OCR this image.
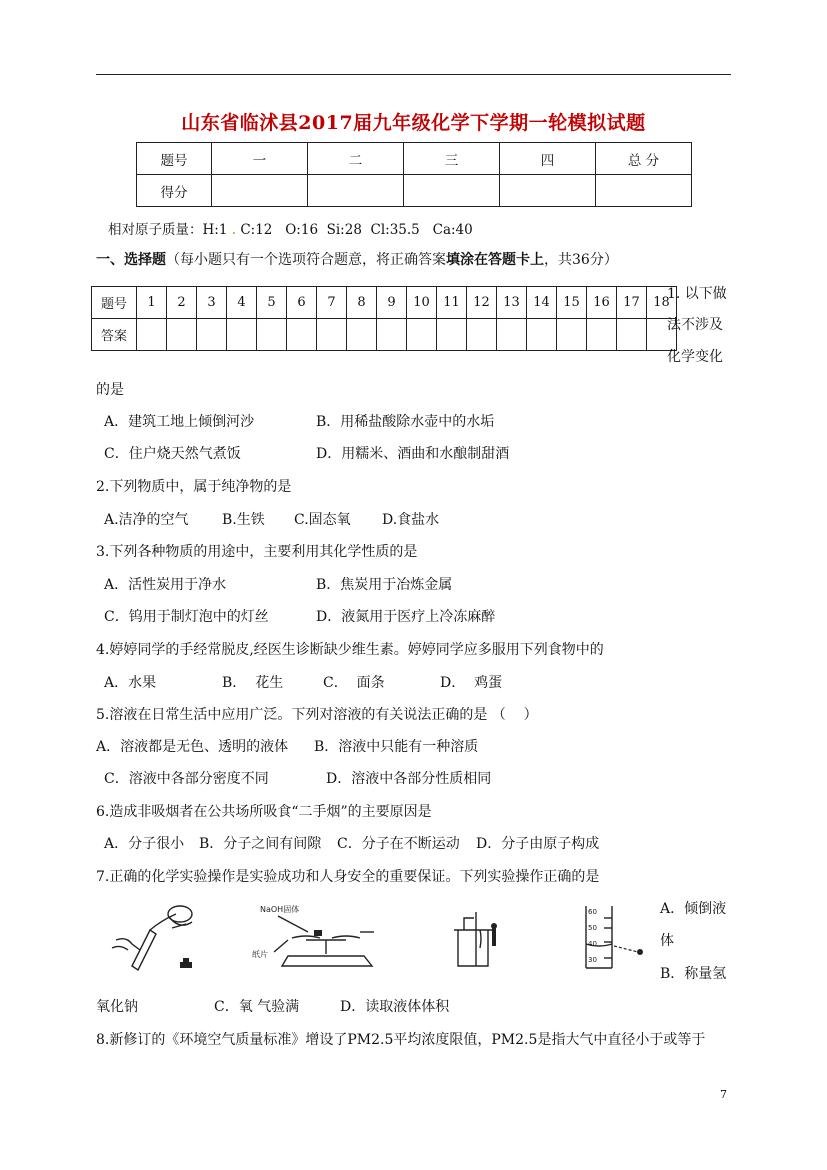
山东省临沭县2017届九年级化学下学期一轮模拟试题
题号	一	二	三	四	总 分
得分					
相对原子质量：H:1 . C:12   O:16  Si:28  Cl:35.5   Ca:40
一、选择题（每小题只有一个选项符合题意，将正确答案填涂在答题卡上，共36分）
题号	1	2	3	4	5	6	7	8	9	10	11	12	13	14	15	16	17	18
答案																		
1. 以下做
法不涉及
化学变化
的是
A．建筑工地上倾倒河沙	B．用稀盐酸除水壶中的水垢
C．住户烧天然气煮饭	D．用糯米、酒曲和水酿制甜酒
2.下列物质中，属于纯净物的是
A.洁净的空气 B.生铁 C.固态氧 D.食盐水
3.下列各种物质的用途中，主要利用其化学性质的是
A．活性炭用于净水	B．焦炭用于冶炼金属
C．钨用于制灯泡中的灯丝	D．液氮用于医疗上冷冻麻醉
4.婷婷同学的手经常脱皮,经医生诊断缺少维生素。婷婷同学应多服用下列食物中的
A．水果	B．  花生	C．  面条	D．  鸡蛋
5.溶液在日常生活中应用广泛。下列对溶液的有关说法正确的是 （    ）
A．溶液都是无色、透明的液体 B．溶液中只能有一种溶质
C．溶液中各部分密度不同	D．溶液中各部分性质相同
6.造成非吸烟者在公共场所吸食“二手烟”的主要原因是
A．分子很小 B．分子之间有间隙 C．分子在不断运动 D．分子由原子构成
7.正确的化学实验操作是实验成功和人身安全的重要保证。下列实验操作正确的是
A．倾倒液
体
B．称量氢
氧化钠	C．氧 气验满	D．读取液体体积
NaOH固体
纸片
60
50
40
30
8.新修订的《环境空气质量标准》增设了PM2.5平均浓度限值，PM2.5是指大气中直径小于或等于
7
